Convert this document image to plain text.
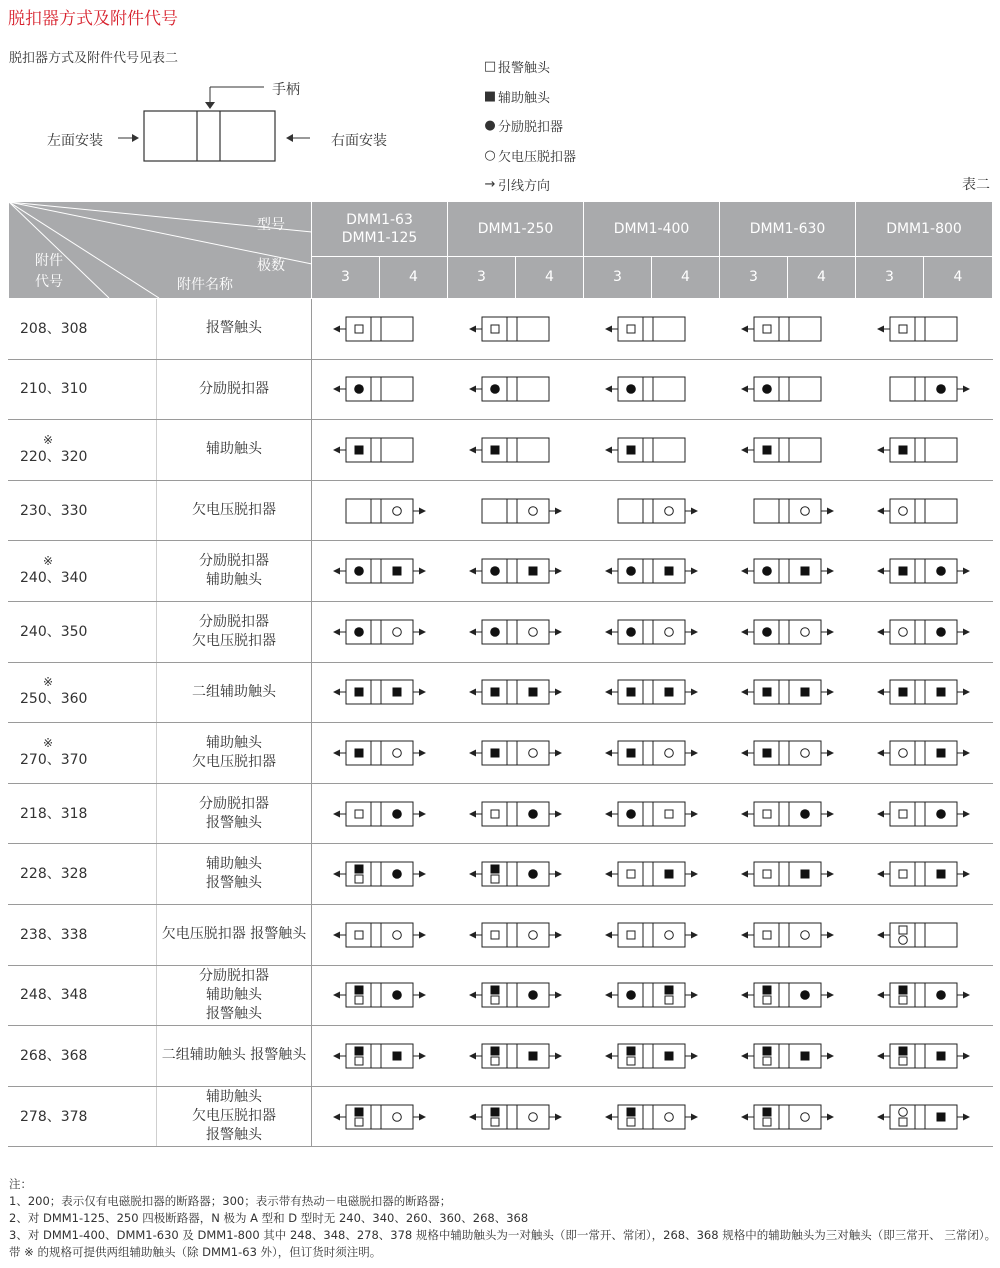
脱扣器方式及附件代号
脱扣器方式及附件代号见表二
手柄
左面安装	右面安装
□ 报警触头
■ 辅助触头
● 分励脱扣器
○ 欠电压脱扣器
→ 引线方向	表二
型号
极数
附件
代号 附件名称		DMM1-63
DMM1-125		DMM1-250		DMM1-400		DMM1-630		DMM1-800	

		3	4	3	4	3	4	3	4	3	4

208、308	报警触头

210、310	分励脱扣器

※
220、320	辅助触头

230、330	欠电压脱扣器

※
240、340	分励脱扣器
辅助触头

240、350	分励脱扣器
欠电压脱扣器

※
250、360	二组辅助触头

※
270、370	辅助触头
欠电压脱扣器

218、318	分励脱扣器
报警触头

228、328	辅助触头
报警触头

238、338	欠电压脱扣器 报警触头

248、348	分励脱扣器
辅助触头
报警触头

268、368	二组辅助触头 报警触头

278、378	辅助触头
欠电压脱扣器
报警触头

注：
1、200；表示仅有电磁脱扣器的断路器；300；表示带有热动－电磁脱扣器的断路器；
2、对 DMM1-125、250 四极断路器，N 极为 A 型和 D 型时无 240、340、260、360、268、368
3、对 DMM1-400、DMM1-630 及 DMM1-800 其中 248、348、278、378 规格中辅助触头为一对触头（即一常开、常闭），268、368 规格中的辅助触头为三对触头（即三常开、 三常闭）。
带 ※ 的规格可提供两组辅助触头（除 DMM1-63 外），但订货时须注明。
